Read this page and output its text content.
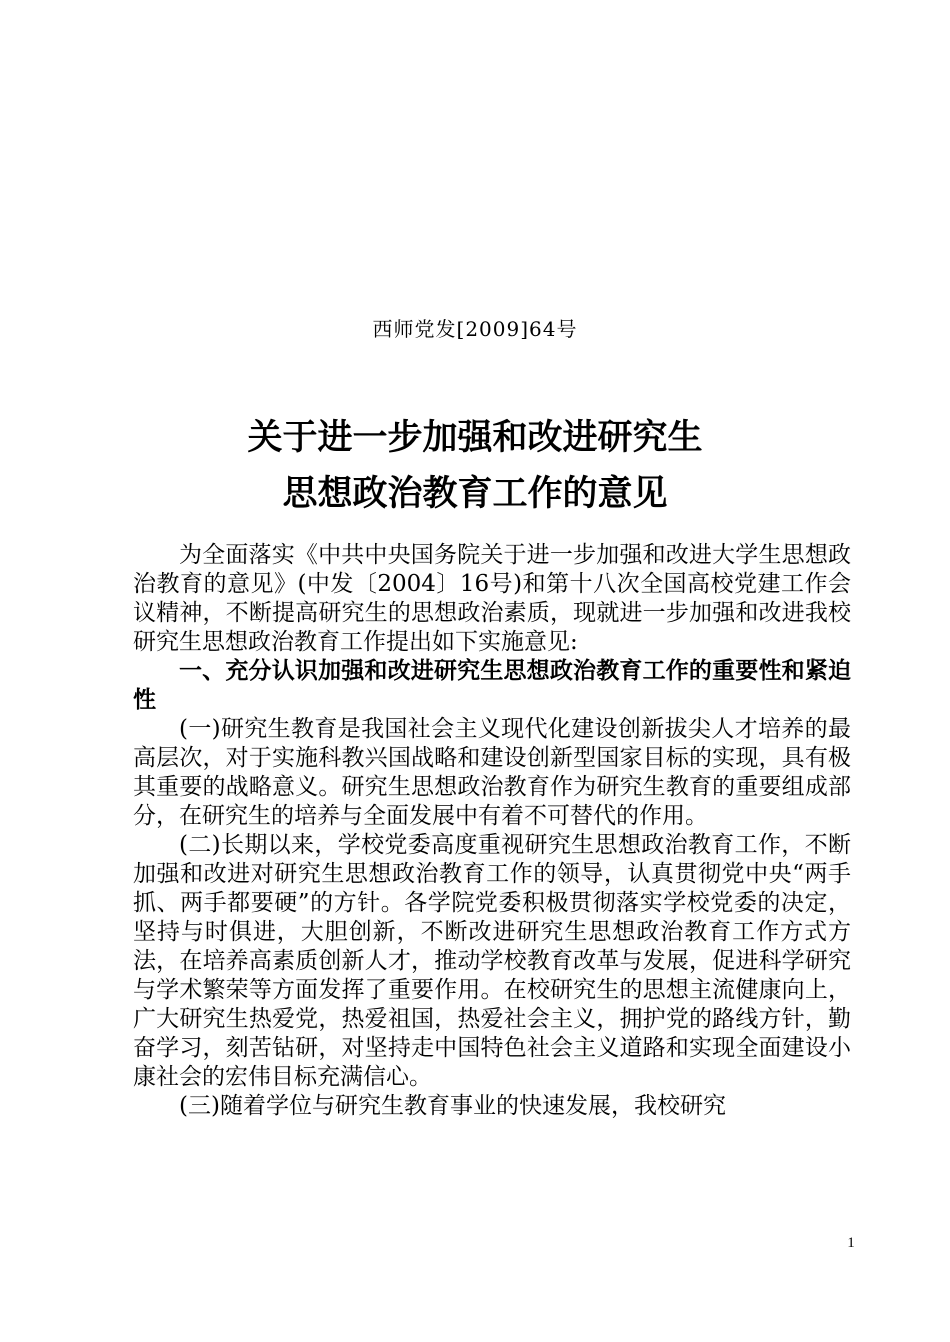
西师党发[2009]64号
关于进一步加强和改进研究生
思想政治教育工作的意见

为全面落实《中共中央国务院关于进一步加强和改进大学生思想政治教育的意见》(中发〔2004〕16号)和第十八次全国高校党建工作会议精神，不断提高研究生的思想政治素质，现就进一步加强和改进我校研究生思想政治教育工作提出如下实施意见:

一、充分认识加强和改进研究生思想政治教育工作的重要性和紧迫性

(一)研究生教育是我国社会主义现代化建设创新拔尖人才培养的最高层次，对于实施科教兴国战略和建设创新型国家目标的实现，具有极其重要的战略意义。研究生思想政治教育作为研究生教育的重要组成部分，在研究生的培养与全面发展中有着不可替代的作用。

(二)长期以来，学校党委高度重视研究生思想政治教育工作，不断加强和改进对研究生思想政治教育工作的领导，认真贯彻党中央“两手抓、两手都要硬”的方针。各学院党委积极贯彻落实学校党委的决定，坚持与时俱进，大胆创新，不断改进研究生思想政治教育工作方式方法，在培养高素质创新人才，推动学校教育改革与发展，促进科学研究与学术繁荣等方面发挥了重要作用。在校研究生的思想主流健康向上，广大研究生热爱党，热爱祖国，热爱社会主义，拥护党的路线方针，勤奋学习，刻苦钻研，对坚持走中国特色社会主义道路和实现全面建设小康社会的宏伟目标充满信心。

(三)随着学位与研究生教育事业的快速发展，我校研究

1
